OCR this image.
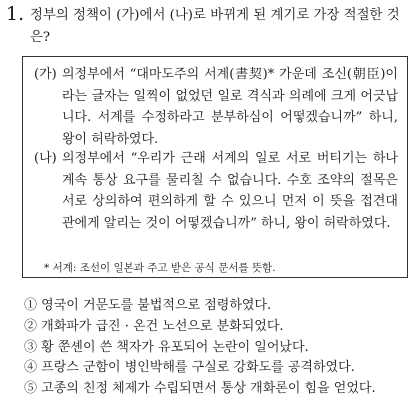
1. 정부의 정책이 (가)에서 (나)로 바뀌게 된 계기로 가장 적절한 것은?

(가) 의정부에서 “대마도주의 서계(書契)* 가운데 조신(朝臣)이라는 글자는 일찍이 없었던 일로 격식과 의례에 크게 어긋납니다. 서계를 수정하라고 분부하심이 어떻겠습니까” 하니, 왕이 허락하였다.
(나) 의정부에서 “우리가 근래 서계의 일로 서로 버티기는 하나 계속 통상 요구를 물리칠 수 없습니다. 수호 조약의 절목은 서로 상의하여 편의하게 할 수 있으니 먼저 이 뜻을 접견대관에게 알리는 것이 어떻겠습니까” 하니, 왕이 허락하였다.
* 서계: 조선이 일본과 주고 받은 공식 문서를 뜻함.
① 영국이 거문도를 불법적으로 점령하였다.
② 개화파가 급진 · 온건 노선으로 분화되었다.
③ 황 쭌셴이 쓴 책자가 유포되어 논란이 일어났다.
④ 프랑스 군함이 병인박해를 구실로 강화도를 공격하였다.
⑤ 고종의 친정 체제가 수립되면서 통상 개화론이 힘을 얻었다.
